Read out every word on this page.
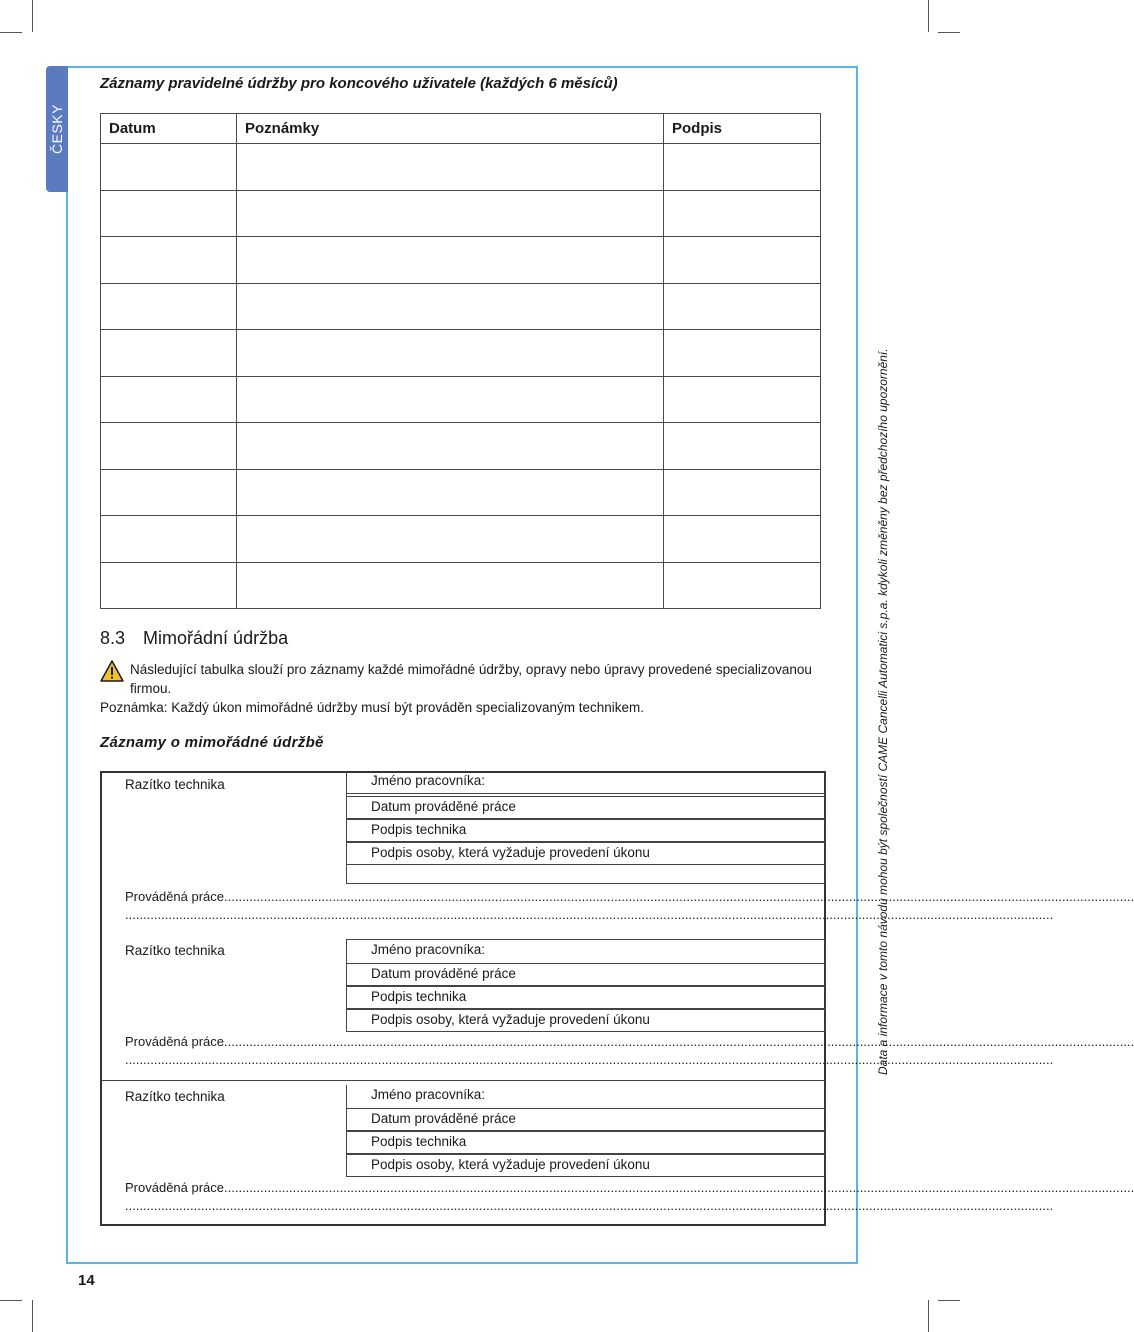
ČESKY
Data a informace v tomto návodu mohou být společností CAME Cancelli Automatici s.p.a. kdykoli změněny bez předchozího upozornění.
Záznamy pravidelné údržby pro koncového uživatele (každých 6 měsíců)
Datum	Poznámky	Podpis

8.3 Mimořádní údržba
Následující tabulka slouží pro záznamy každé mimořádné údržby, opravy nebo úpravy provedené specializovanou
firmou.
Poznámka: Každý úkon mimořádné údržby musí být prováděn specializovaným technikem.
Záznamy o mimořádné údržbě
Razítko technika	Jméno pracovníka:
Datum prováděné práce
Podpis technika
Podpis osoby, která vyžaduje provedení úkonu
Prováděná práce............................................................................................................................................................................................................................................................
.................................................................................................................................................................................................................................................................
Razítko technika	Jméno pracovníka:
Datum prováděné práce
Podpis technika
Podpis osoby, která vyžaduje provedení úkonu
Prováděná práce............................................................................................................................................................................................................................................................
.................................................................................................................................................................................................................................................................
Razítko technika	Jméno pracovníka:
Datum prováděné práce
Podpis technika
Podpis osoby, která vyžaduje provedení úkonu
Prováděná práce............................................................................................................................................................................................................................................................
.................................................................................................................................................................................................................................................................
14
